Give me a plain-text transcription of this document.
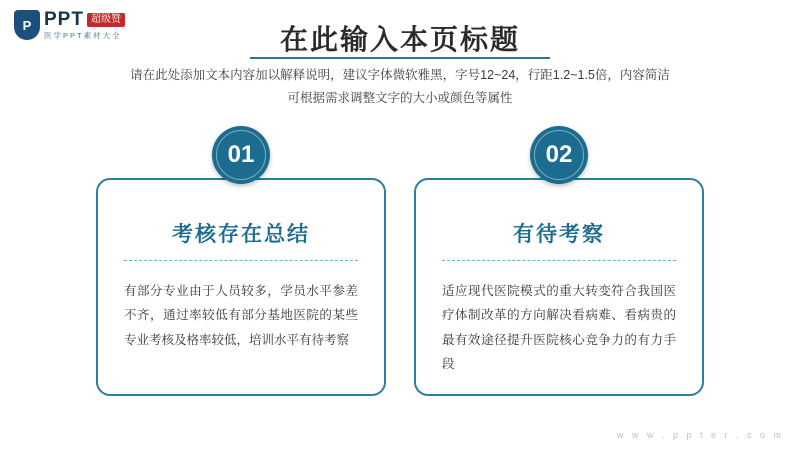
P PPT 超级赞
医学PPT素材大全	在此输入本页标题
请在此处添加文本内容加以解释说明，建议字体微软雅黑，字号12~24，行距1.2~1.5倍，内容简洁
可根据需求调整文字的大小或颜色等属性
01
考核存在总结
有部分专业由于人员较多，学员水平参差不齐，通过率较低有部分基地医院的某些专业考核及格率较低，培训水平有待考察
02
有待考察
适应现代医院模式的重大转变符合我国医疗体制改革的方向解决看病难、看病贵的最有效途径提升医院核心竞争力的有力手段
w w w . p p t e r . c o m
